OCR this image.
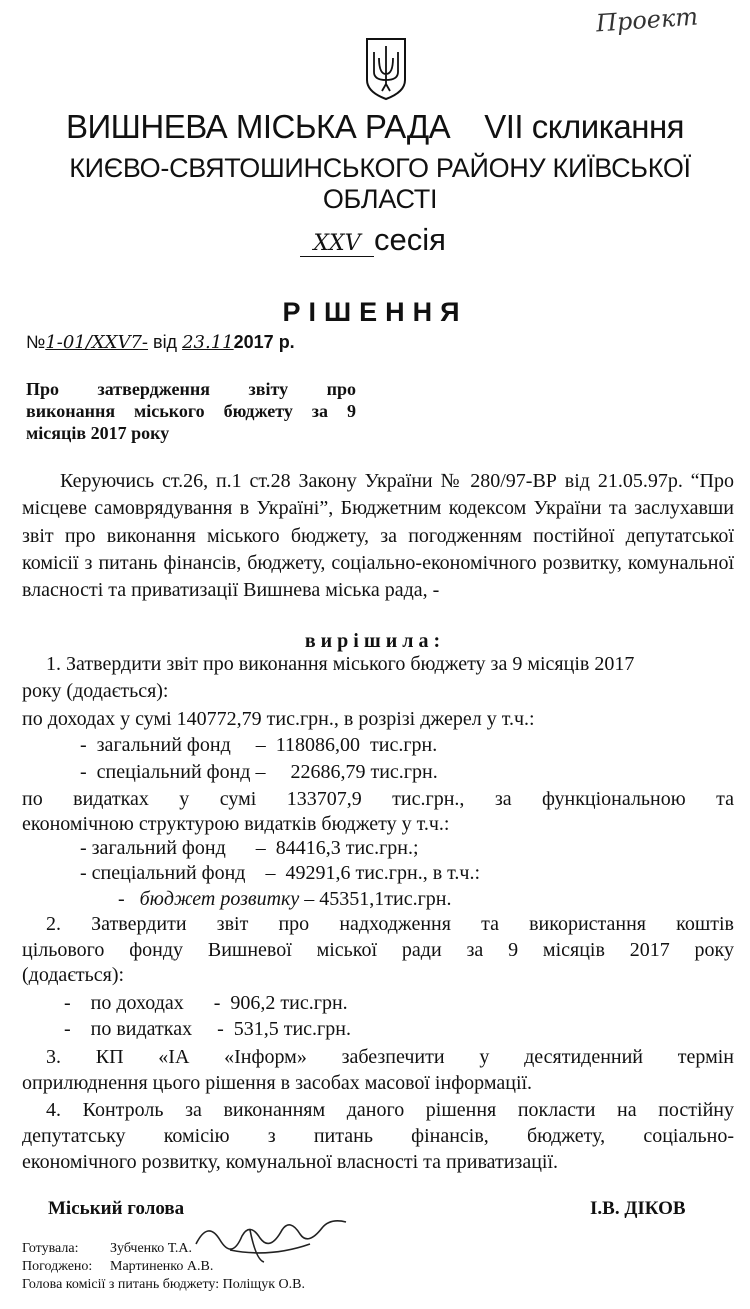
Проект
ВИШНЕВА МІСЬКА РАДА VII скликання
КИЄВО-СВЯТОШИНСЬКОГО РАЙОНУ КИЇВСЬКОЇ ОБЛАСТІ
XXV сесія
РІШЕННЯ
№1-01/XXV7- від 23.112017 р.
Про затвердження звіту про
виконання міського бюджету за 9
місяців 2017 року
Керуючись ст.26, п.1 ст.28 Закону України № 280/97-ВР від 21.05.97р. “Про місцеве самоврядування в Україні”, Бюджетним кодексом України та заслухавши звіт про виконання міського бюджету, за погодженням постійної депутатської комісії з питань фінансів, бюджету, соціально-економічного розвитку, комунальної власності та приватизації Вишнева міська рада, -
вирішила:
1. Затвердити звіт про виконання міського бюджету за 9 місяців 2017
року (додається):
по доходах у сумі 140772,79 тис.грн., в розрізі джерел у т.ч.:
-  загальний фонд     –  118086,00  тис.грн.
-  спеціальний фонд –     22686,79 тис.грн.
по видатках у сумі 133707,9 тис.грн., за функціональною та
економічною структурою видатків бюджету у т.ч.:
- загальний фонд      –  84416,3 тис.грн.;
- спеціальний фонд    –  49291,6 тис.грн., в т.ч.:
-   бюджет розвитку – 45351,1тис.грн.
2. Затвердити звіт про надходження та використання коштів
цільового фонду Вишневої міської ради за 9 місяців 2017 року
(додається):
-    по доходах      -  906,2 тис.грн.
-    по видатках     -  531,5 тис.грн.
3. КП «ІА «Інформ» забезпечити у десятиденний термін
оприлюднення цього рішення в засобах масової інформації.
4. Контроль за виконанням даного рішення покласти на постійну
депутатську комісію з питань фінансів, бюджету, соціально-
економічного розвитку, комунальної власності та приватизації.
Міський голова	І.В. ДІКОВ
Готувала: Зубченко Т.А.
Погоджено: Мартиненко А.В.
Голова комісії з питань бюджету: Поліщук О.В.
